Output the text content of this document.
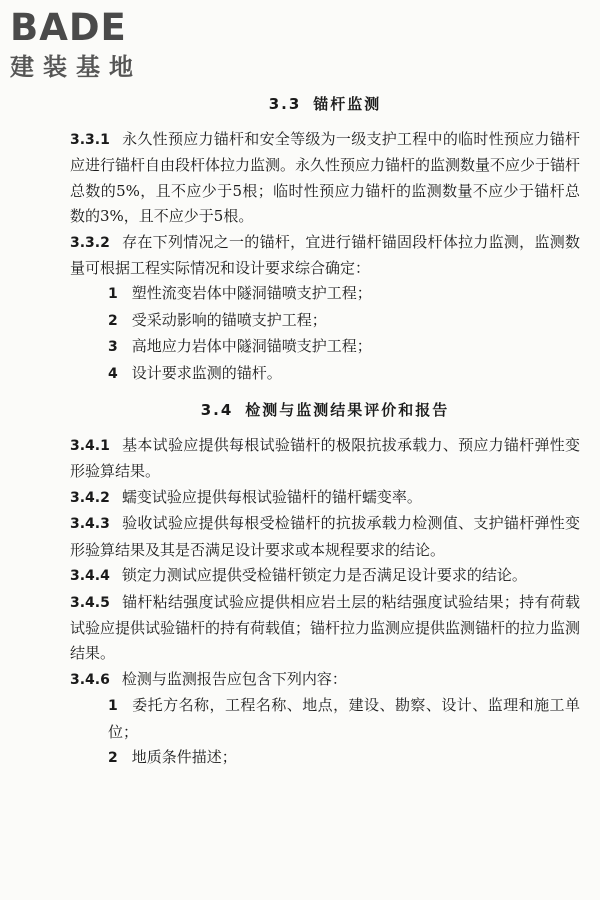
BADE
建装基地
3.3 锚杆监测

3.3.1 永久性预应力锚杆和安全等级为一级支护工程中的临时性预应力锚杆应进行锚杆自由段杆体拉力监测。永久性预应力锚杆的监测数量不应少于锚杆总数的5%，且不应少于5根；临时性预应力锚杆的监测数量不应少于锚杆总数的3%，且不应少于5根。

3.3.2 存在下列情况之一的锚杆，宜进行锚杆锚固段杆体拉力监测，监测数量可根据工程实际情况和设计要求综合确定：

1 塑性流变岩体中隧洞锚喷支护工程；

2 受采动影响的锚喷支护工程；

3 高地应力岩体中隧洞锚喷支护工程；

4 设计要求监测的锚杆。

3.4 检测与监测结果评价和报告

3.4.1 基本试验应提供每根试验锚杆的极限抗拔承载力、预应力锚杆弹性变形验算结果。

3.4.2 蠕变试验应提供每根试验锚杆的锚杆蠕变率。

3.4.3 验收试验应提供每根受检锚杆的抗拔承载力检测值、支护锚杆弹性变形验算结果及其是否满足设计要求或本规程要求的结论。

3.4.4 锁定力测试应提供受检锚杆锁定力是否满足设计要求的结论。

3.4.5 锚杆粘结强度试验应提供相应岩土层的粘结强度试验结果；持有荷载试验应提供试验锚杆的持有荷载值；锚杆拉力监测应提供监测锚杆的拉力监测结果。

3.4.6 检测与监测报告应包含下列内容：

1 委托方名称，工程名称、地点，建设、勘察、设计、监理和施工单位；

2 地质条件描述；
